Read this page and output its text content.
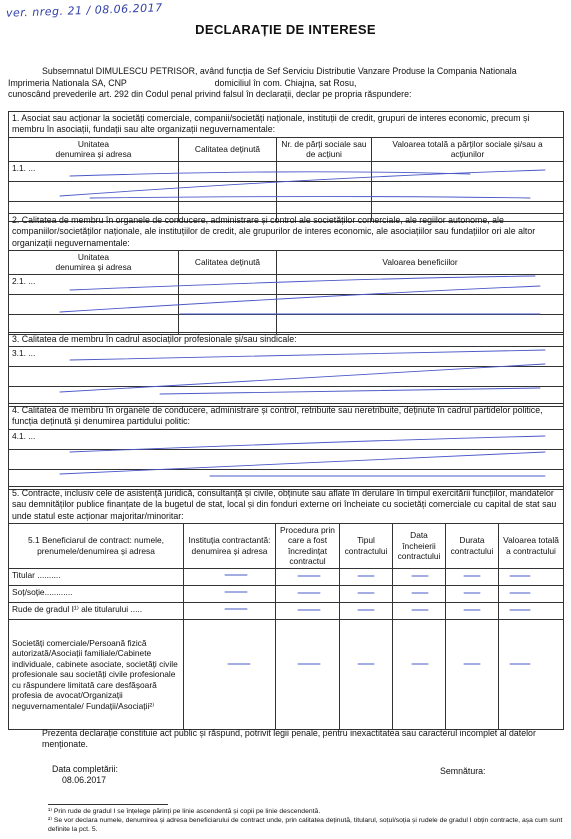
ver. nreg. 21 / 08.06.2017
DECLARAȚIE DE INTERESE

Subsemnatul DIMULESCU PETRISOR, având funcția de Sef Serviciu Distributie Vanzare Produse la Compania Nationala

Imprimeria Nationala SA, CNP                                    domiciliul în com. Chiajna, sat Rosu,

cunoscând prevederile art. 292 din Codul penal privind falsul în declarații, declar pe propria răspundere:

1. Asociat sau acționar la societăți comerciale, companii/societăți naționale, instituții de credit, grupuri de interes economic, precum și membru în asociații, fundații sau alte organizații neguvernamentale:
Unitatea
denumirea și adresa	Calitatea deținută	Nr. de părți sociale sau de acțiuni	Valoarea totală a părților sociale și/sau a acțiunilor
1.1. ...			

2. Calitatea de membru în organele de conducere, administrare și control ale societăților comerciale, ale regiilor autonome, ale companiilor/societăților naționale, ale instituțiilor de credit, ale grupurilor de interes economic, ale asociațiilor sau fundațiilor ori ale altor organizații neguvernamentale:
Unitatea
denumirea și adresa	Calitatea deținută	Valoarea beneficiilor
2.1. ...		

3. Calitatea de membru în cadrul asociaților profesionale și/sau sindicale:
3.1. ...

4. Calitatea de membru în organele de conducere, administrare și control, retribuite sau neretribuite, deținute în cadrul partidelor politice, funcția deținută și denumirea partidului politic:
4.1. ...

5. Contracte, inclusiv cele de asistență juridică, consultanță și civile, obținute sau aflate în derulare în timpul exercitării funcțiilor, mandatelor sau demnităților publice finanțate de la bugetul de stat, local și din fonduri externe ori încheiate cu societăți comerciale cu capital de stat sau unde statul este acționar majoritar/minoritar:
5.1 Beneficiarul de contract: numele, prenumele/denumirea și adresa	Instituția contractantă: denumirea și adresa	Procedura prin care a fost încredințat contractul	Tipul contractului	Data încheierii contractului	Durata contractului	Valoarea totală a contractului
Titular ..........						
Soț/soție............						
Rude de gradul I¹⁾ ale titularului .....						
Societăți comerciale/Persoană fizică autorizată/Asociații familiale/Cabinete individuale, cabinete asociate, societăți civile profesionale sau societăți civile profesionale cu răspundere limitată care desfășoară profesia de avocat/Organizații neguvernamentale/ Fundații/Asociații²⁾						
Prezenta declarație constituie act public și răspund, potrivit legii penale, pentru inexactitatea sau caracterul incomplet al datelor menționate.
Data completării:
08.06.2017
Semnătura:

¹⁾ Prin rude de gradul I se înțelege părinți pe linie ascendentă și copii pe linie descendentă.

²⁾ Se vor declara numele, denumirea și adresa beneficiarului de contract unde, prin calitatea deținută, titularul, soțul/soția și rudele de gradul I obțin contracte, așa cum sunt definite la pct. 5.
